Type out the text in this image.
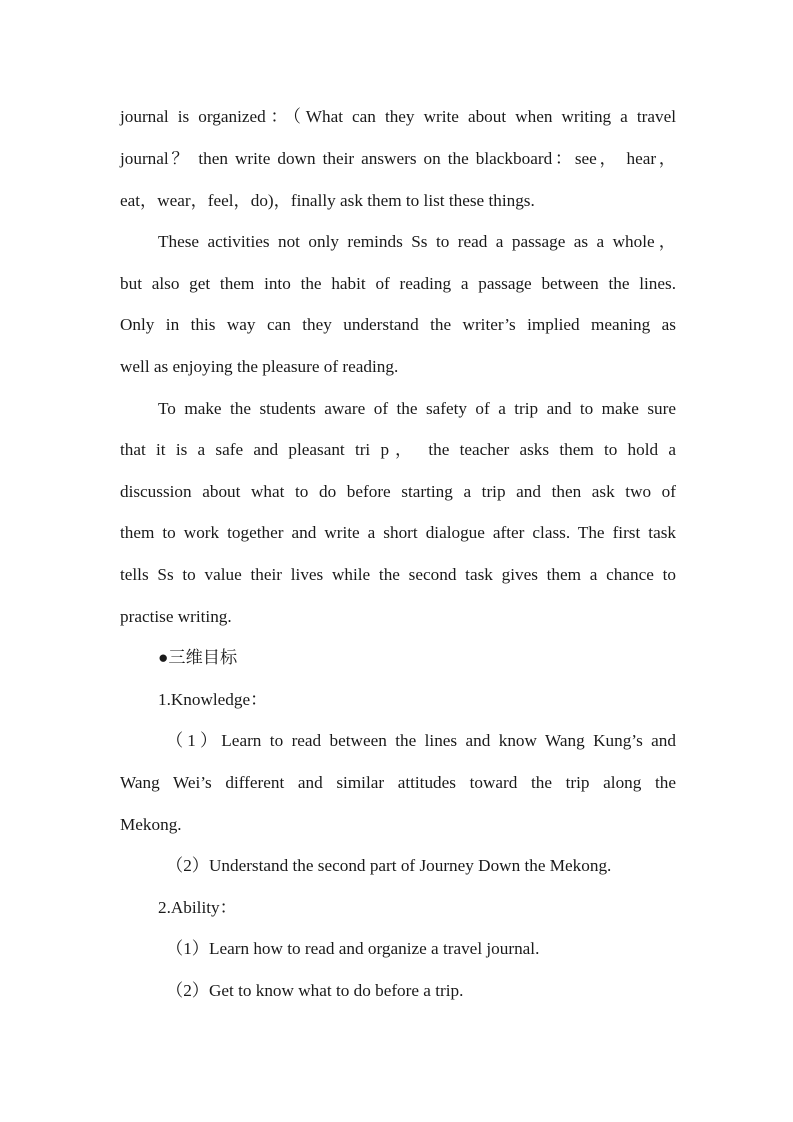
journal is organized：（What can they write about when writing a travel
journal？ then write down their answers on the blackboard：see， hear，
eat，wear，feel，do)，finally ask them to list these things.
These activities not only reminds Ss to read a passage as a whole，
but also get them into the habit of reading a passage between the lines.
Only in this way can they understand the writer’s implied meaning as
well as enjoying the pleasure of reading.
To make the students aware of the safety of a trip and to make sure
that it is a safe and pleasant tri p， the teacher asks them to hold a
discussion about what to do before starting a trip and then ask two of
them to work together and write a short dialogue after class. The first task
tells Ss to value their lives while the second task gives them a chance to
practise writing.
●三维目标
1.Knowledge：
（1）Learn to read between the lines and know Wang Kung’s and
Wang Wei’s different and similar attitudes toward the trip along the
Mekong.
（2）Understand the second part of Journey Down the Mekong.
2.Ability：
（1）Learn how to read and organize a travel journal.
（2）Get to know what to do before a trip.
